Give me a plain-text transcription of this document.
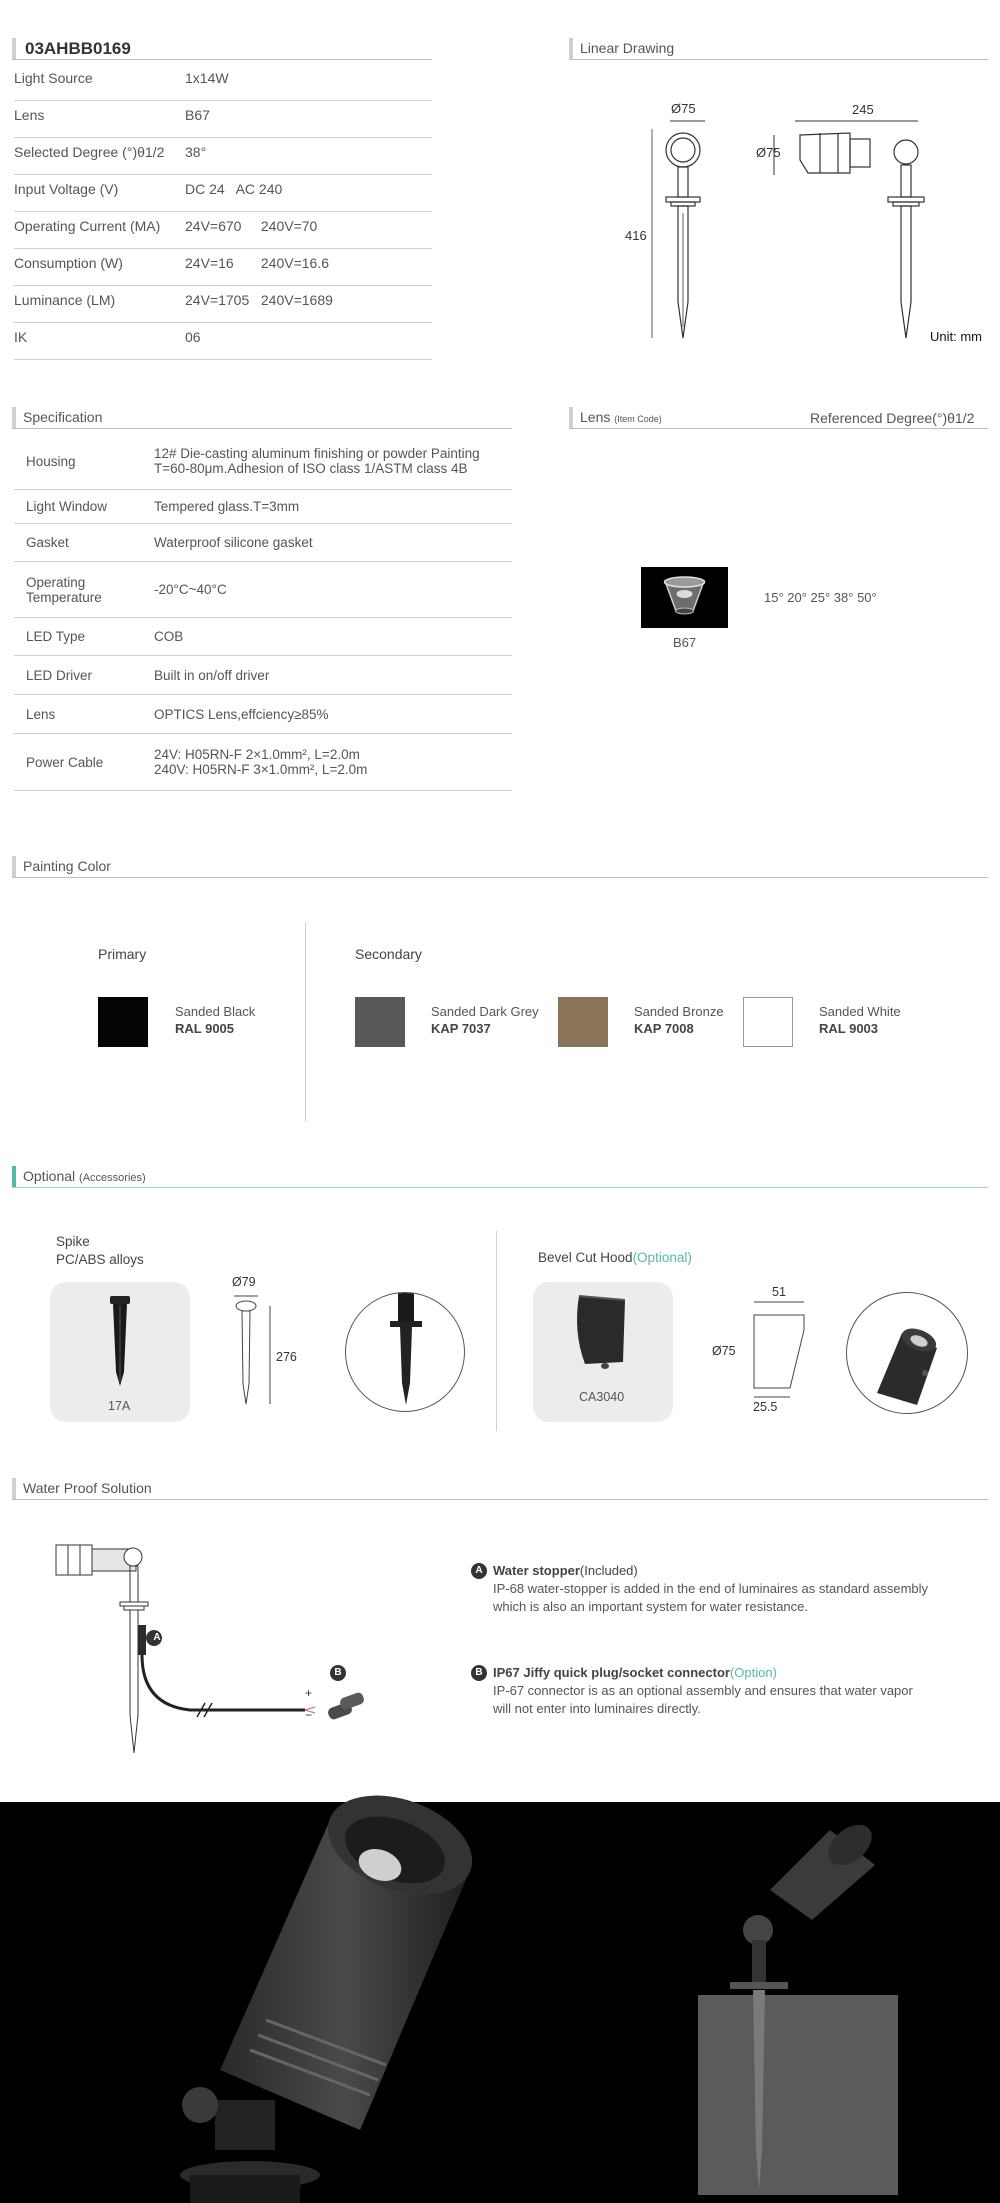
03AHBB0169
Light Source	1x14W
Lens	B67
Selected Degree (°)θ1/2 38°
Input Voltage (V)	DC 24   AC 240
Operating Current (MA) 24V=670     240V=70
Consumption (W)	24V=16       240V=16.6
Luminance (LM)	24V=1705   240V=1689
IK	06
Linear Drawing
Ø75
416
Ø75
245
Unit: mm
Specification
Housing	12# Die-casting aluminum finishing or powder Painting
T=60-80μm.Adhesion of ISO class 1/ASTM class 4B
Light Window	Tempered glass.T=3mm
Gasket	Waterproof silicone gasket
Operating
Temperature	-20°C~40°C
LED Type	COB
LED Driver	Built in on/off driver
Lens	OPTICS Lens,effciency≥85%
Power Cable	24V: H05RN-F 2×1.0mm², L=2.0m
240V: H05RN-F 3×1.0mm², L=2.0m
Lens (Item Code)	Referenced Degree(°)θ1/2
B67
15° 20° 25° 38° 50°
Painting Color
Primary	Secondary
Sanded Black
RAL 9005
Sanded Dark Grey
KAP 7037
Sanded Bronze
KAP 7008
Sanded White
RAL 9003
Optional (Accessories)
Spike
PC/ABS alloys
17A
Ø79
276
Bevel Cut Hood(Optional)
CA3040
51
Ø75
25.5
Water Proof Solution
A
B
+
−
A Water stopper(Included)
IP-68 water-stopper is added in the end of luminaires as standard assembly
which is also an important system for water resistance.
B IP67 Jiffy quick plug/socket connector(Option)
IP-67 connector is as an optional assembly and ensures that water vapor
will not enter into luminaires directly.
